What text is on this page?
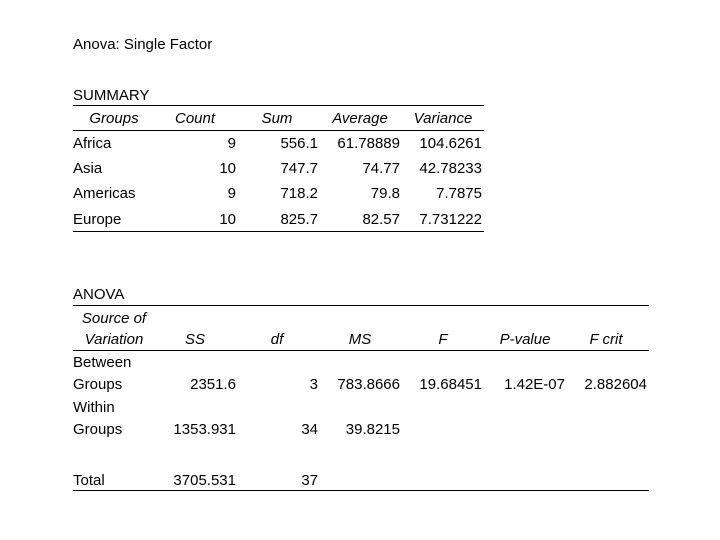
Anova: Single Factor
SUMMARY
Groups	Count	Sum	Average	Variance
Africa	9	556.1	61.78889	104.6261
Asia	10	747.7	74.77	42.78233
Americas	9	718.2	79.8	7.7875
Europe	10	825.7	82.57	7.731222
ANOVA
Source of
Variation	SS	df	MS	F	P-value	F crit
Between
Groups	2351.6	3	783.8666	19.68451	1.42E-07	2.882604
Within
Groups	1353.931	34	39.8215
Total	3705.531	37
